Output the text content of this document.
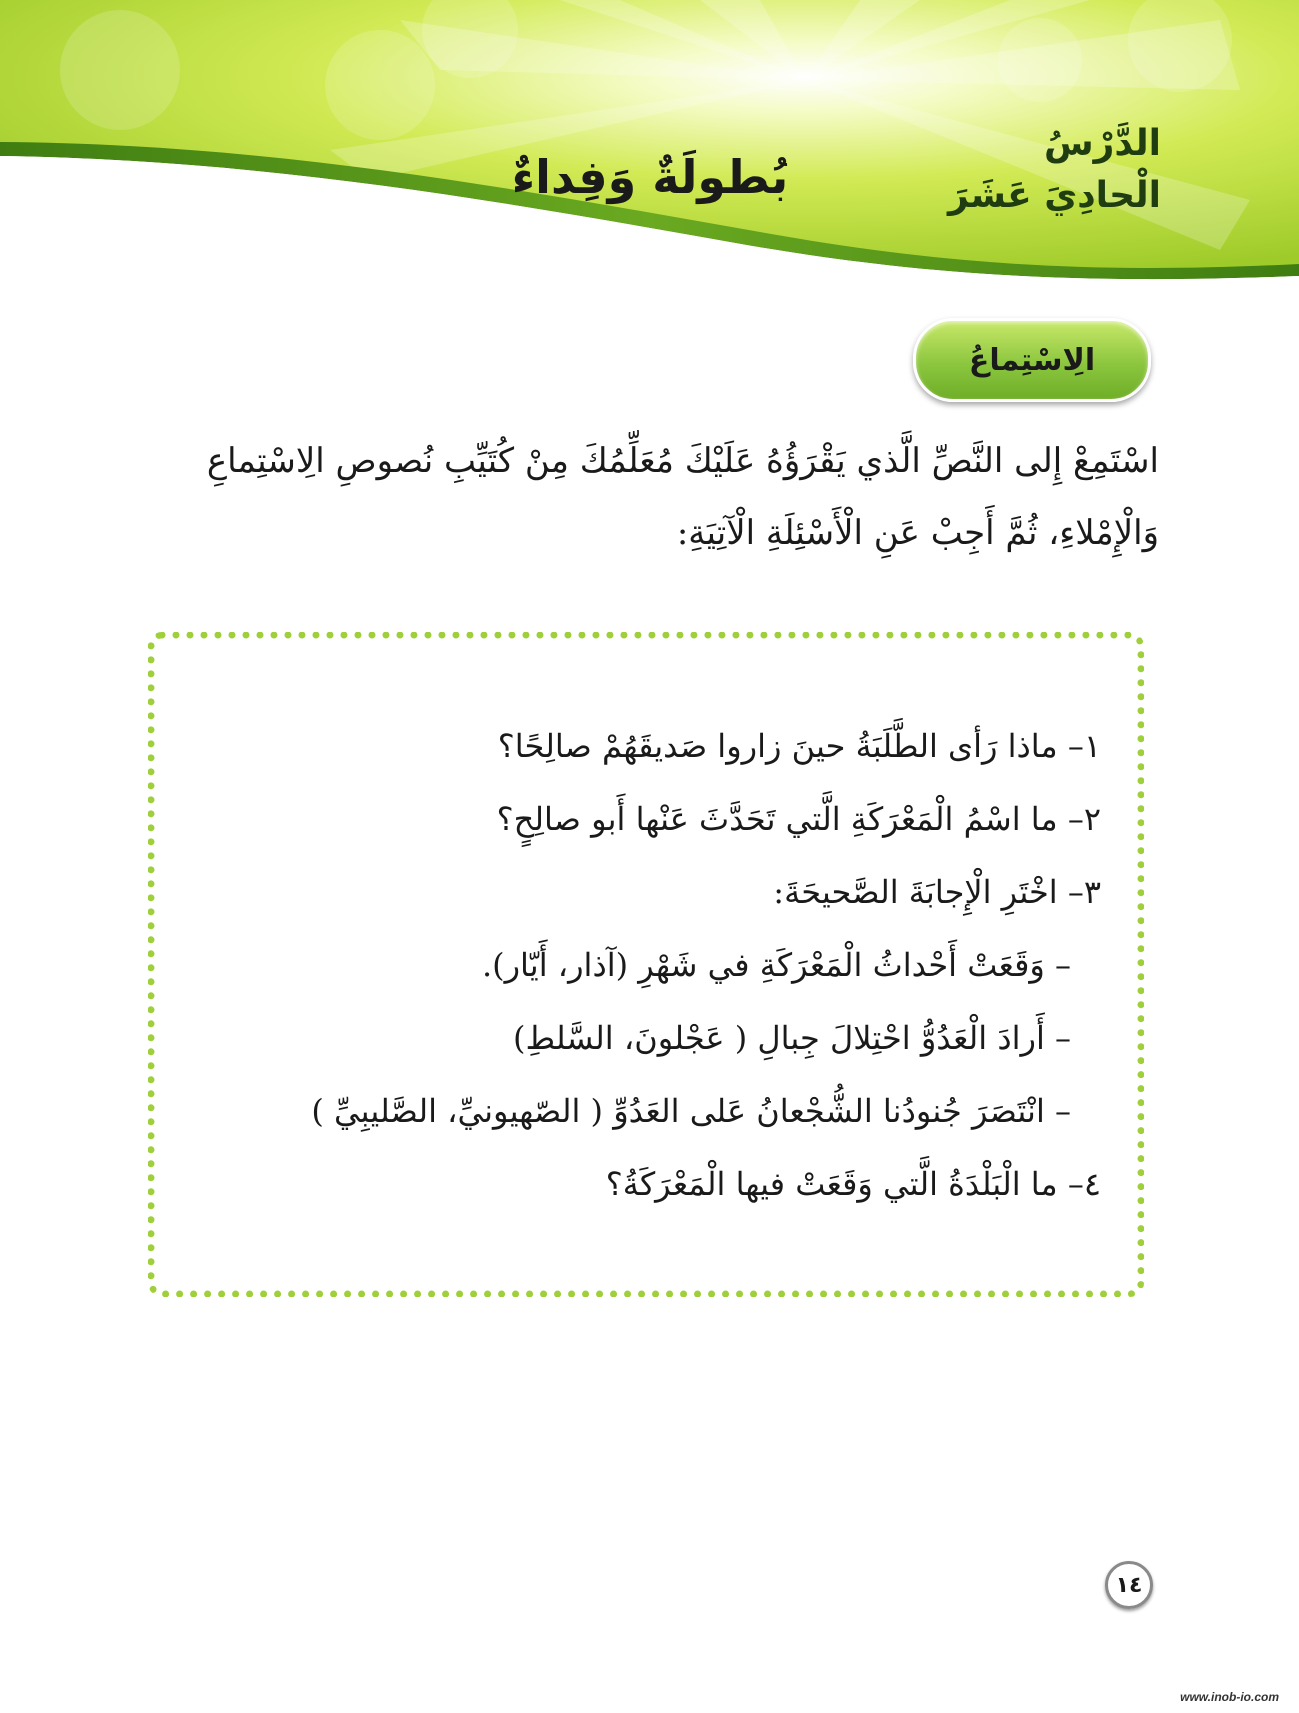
الدَّرْسُ
الْحادِيَ عَشَرَ
بُطولَةٌ وَفِداءٌ
الِاسْتِماعُ
اسْتَمِعْ إِلى النَّصِّ الَّذي يَقْرَؤُهُ عَلَيْكَ مُعَلِّمُكَ مِنْ كُتَيِّبِ نُصوصِ الِاسْتِماعِ
وَالْإِمْلاءِ، ثُمَّ أَجِبْ عَنِ الْأَسْئِلَةِ الْآتِيَةِ:
١– ماذا رَأى الطَّلَبَةُ حينَ زاروا صَديقَهُمْ صالِحًا؟
٢– ما اسْمُ الْمَعْرَكَةِ الَّتي تَحَدَّثَ عَنْها أَبو صالِحٍ؟
٣– اخْتَرِ الْإِجابَةَ الصَّحيحَةَ:
– وَقَعَتْ أَحْداثُ الْمَعْرَكَةِ في شَهْرِ (آذار، أَيّار).
– أَرادَ الْعَدُوُّ احْتِلالَ جِبالِ ( عَجْلونَ، السَّلطِ)
– انْتَصَرَ جُنودُنا الشُّجْعانُ عَلى العَدُوِّ ( الصّهيونيِّ، الصَّليبِيِّ )
٤– ما الْبَلْدَةُ الَّتي وَقَعَتْ فيها الْمَعْرَكَةُ؟
١٤
www.inob-io.com
